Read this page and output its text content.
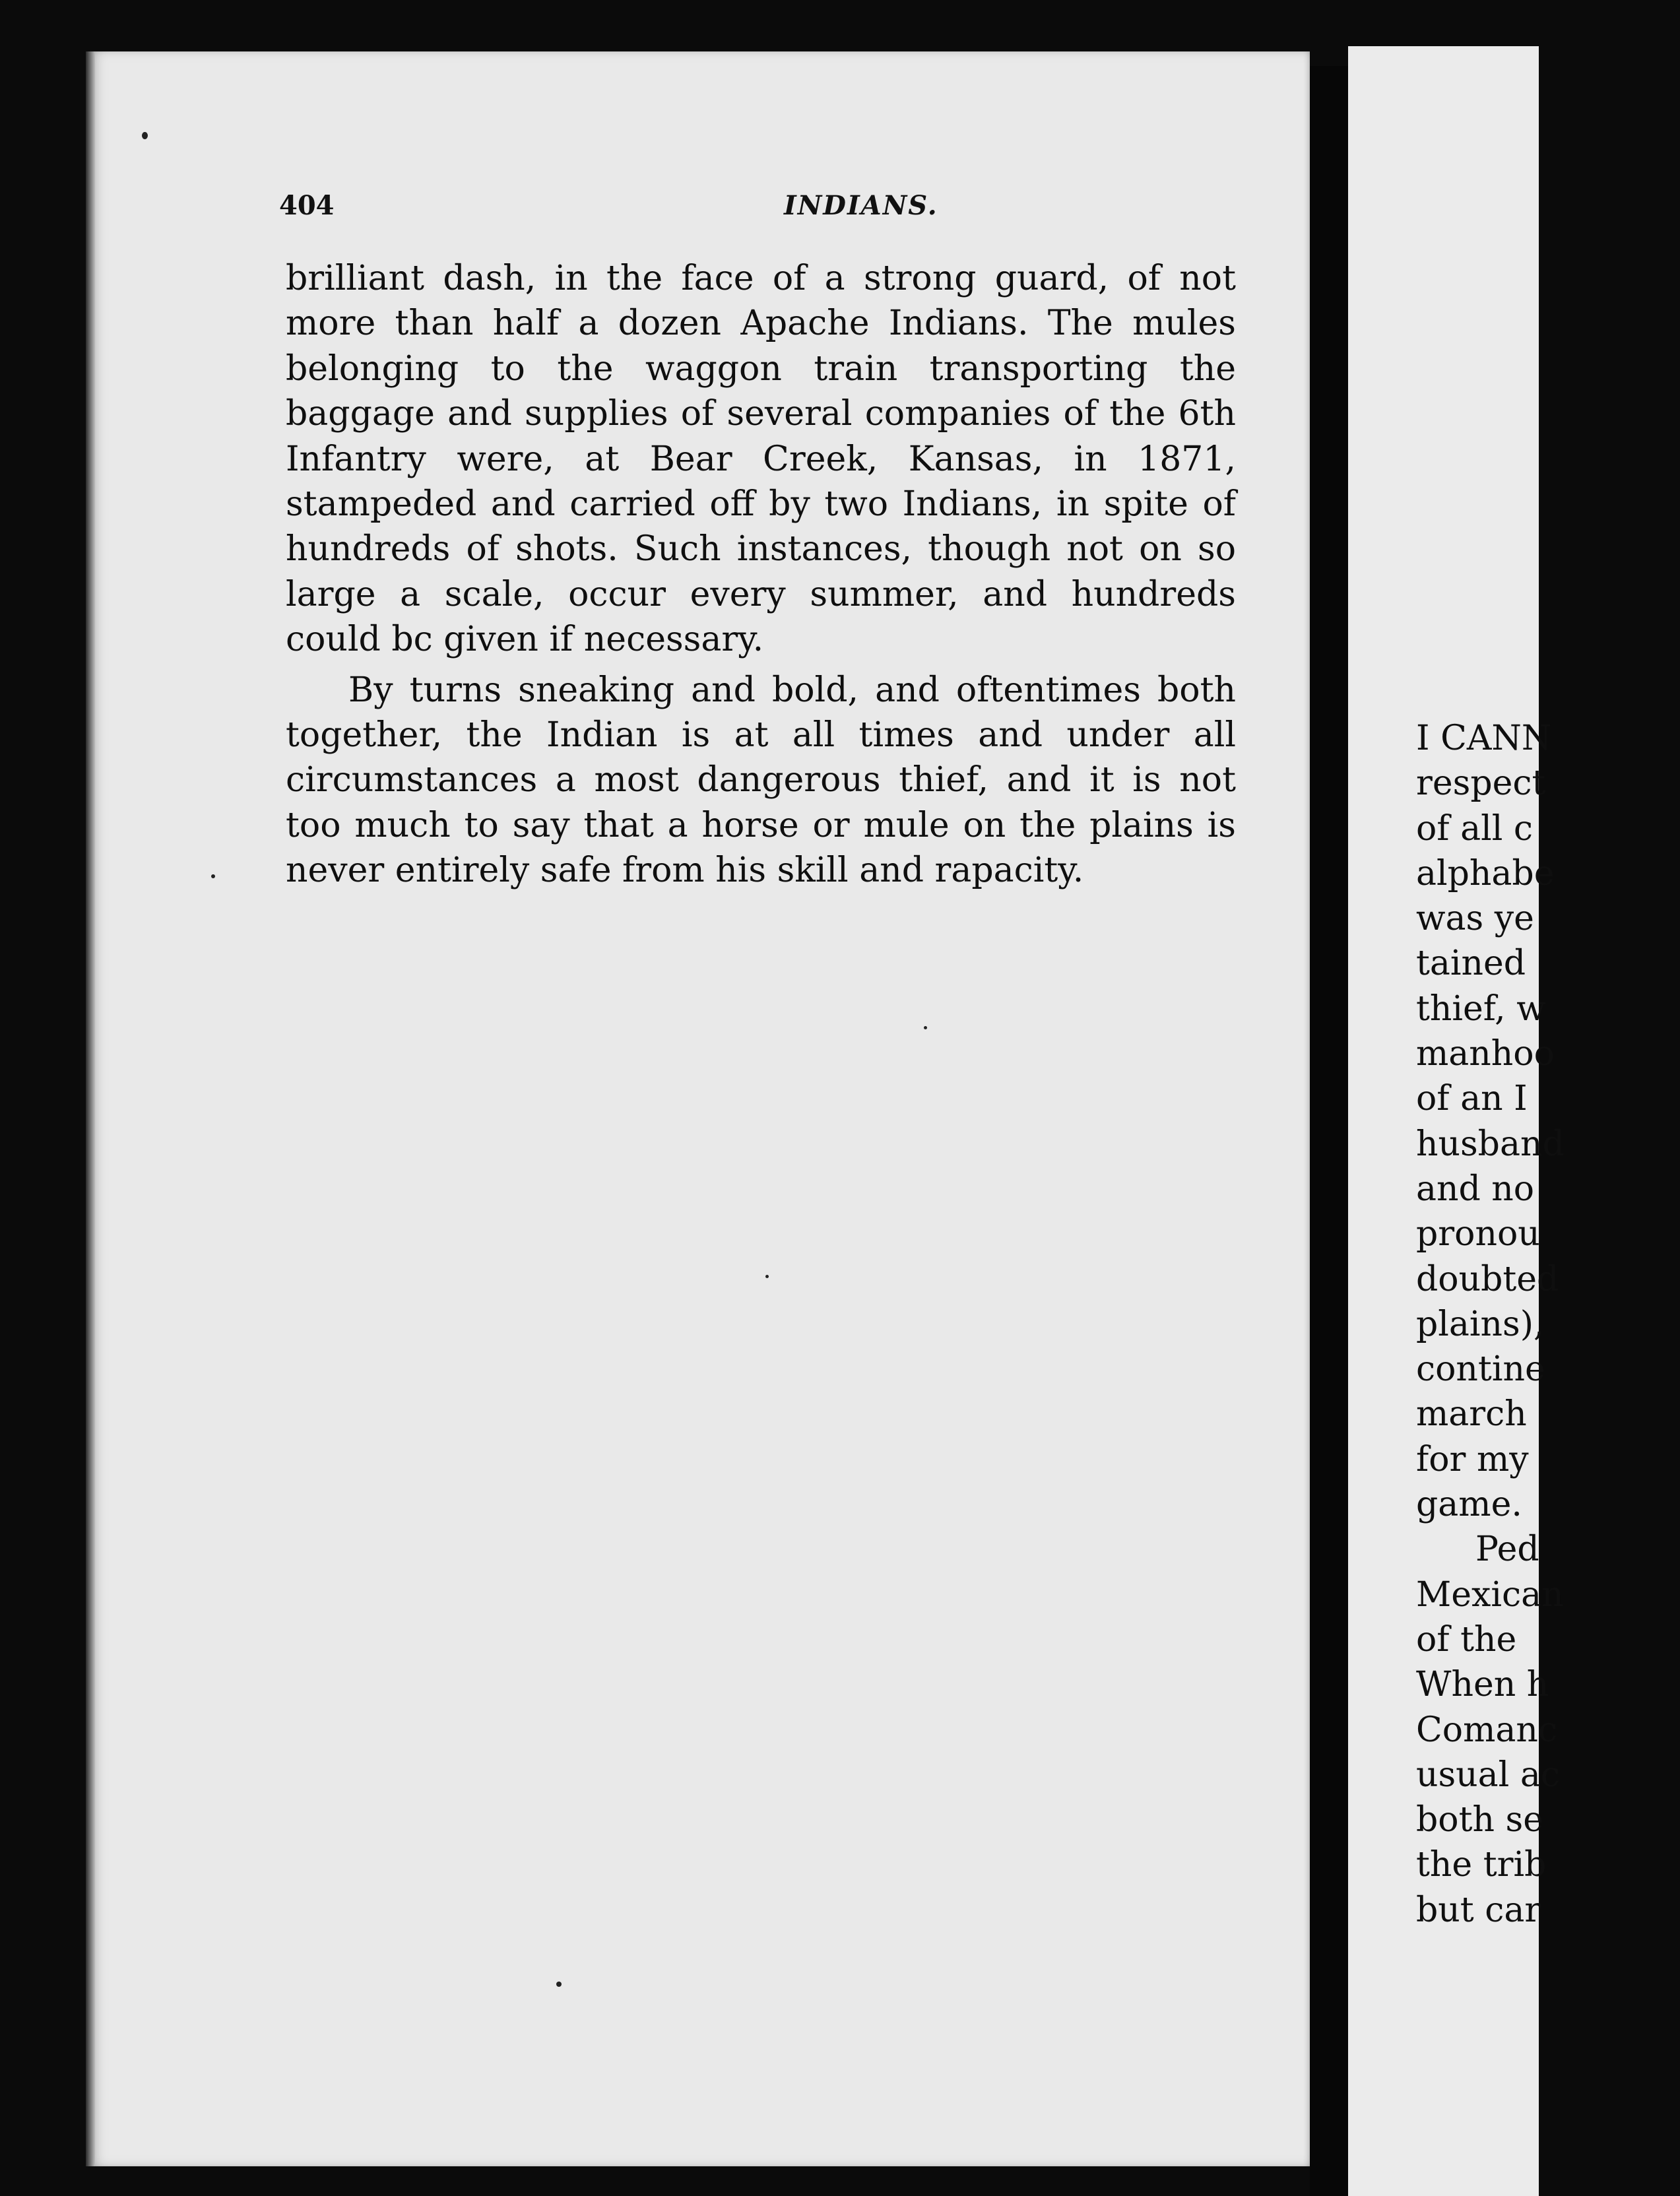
404	INDIANS.

brilliant dash, in the face of a strong guard, of not more than half a dozen Apache Indians. The mules belonging to the waggon train transporting the baggage and supplies of several companies of the 6th Infantry were, at Bear Creek, Kansas, in 1871, stampeded and carried off by two Indians, in spite of hundreds of shots. Such instances, though not on so large a scale, occur every summer, and hundreds could bc given if necessary.

By turns sneaking and bold, and oftentimes both together, the Indian is at all times and under all circumstances a most dangerous thief, and it is not too much to say that a horse or mule on the plains is never entirely safe from his skill and rapacity.

I CANN
respect
of all c
alphabe
was ye
tained
thief, w
manhoo
of an I
husband
and no
pronou
doubted
plains),
contine
march
for my
game.
Ped
Mexican
of the
When h
Comanc
usual ac
both se
the trib
but car
